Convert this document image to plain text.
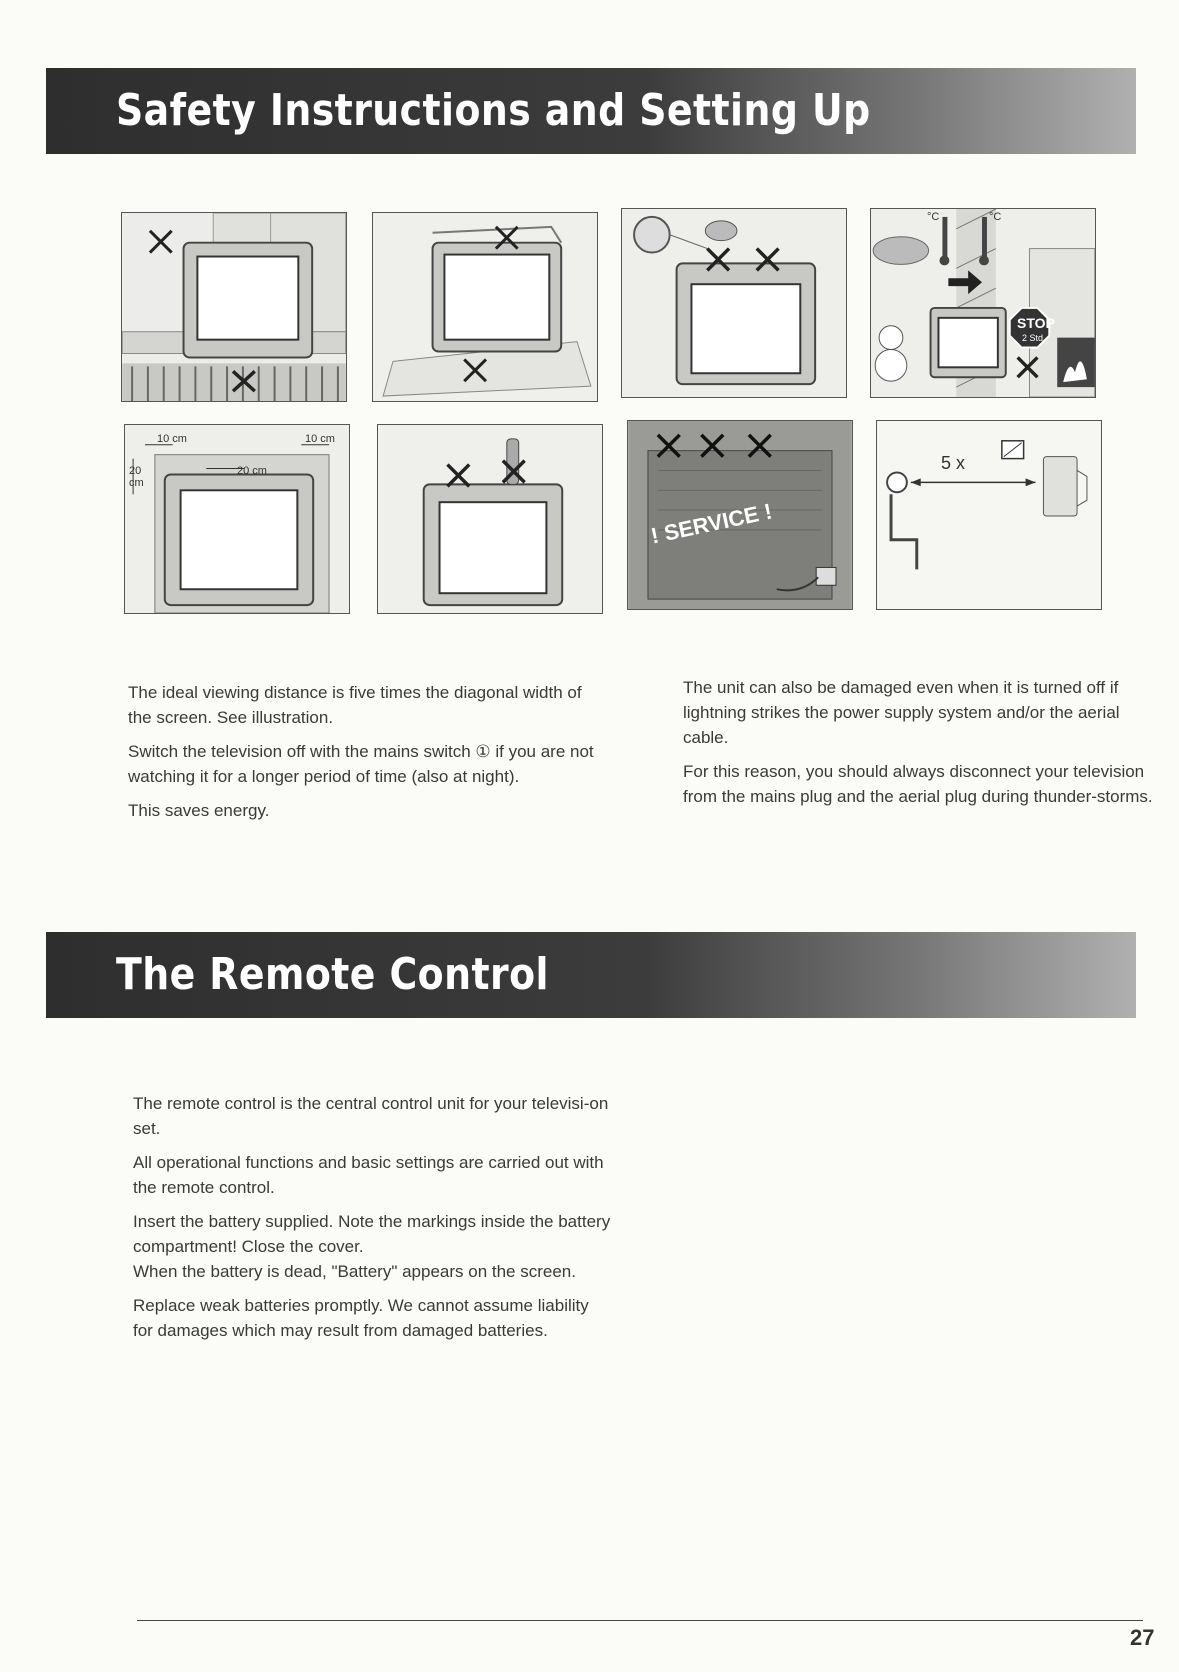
Safety Instructions and Setting Up
°C	°C
STOP
2 Std
10 cm	10 cm
20 cm
20 cm
! SERVICE !
5 x

The ideal viewing distance is five times the diagonal width of the screen. See illustration.

Switch the television off with the mains switch ① if you are not watching it for a longer period of time (also at night).

This saves energy.

The unit can also be damaged even when it is turned off if lightning strikes the power supply system and/or the aerial cable.

For this reason, you should always disconnect your television from the mains plug and the aerial plug during thunder-storms.

The Remote Control

The remote control is the central control unit for your televisi-on set.

All operational functions and basic settings are carried out with the remote control.

Insert the battery supplied. Note the markings inside the battery compartment! Close the cover.

When the battery is dead, "Battery" appears on the screen.

Replace weak batteries promptly. We cannot assume liability for damages which may result from damaged batteries.

27
